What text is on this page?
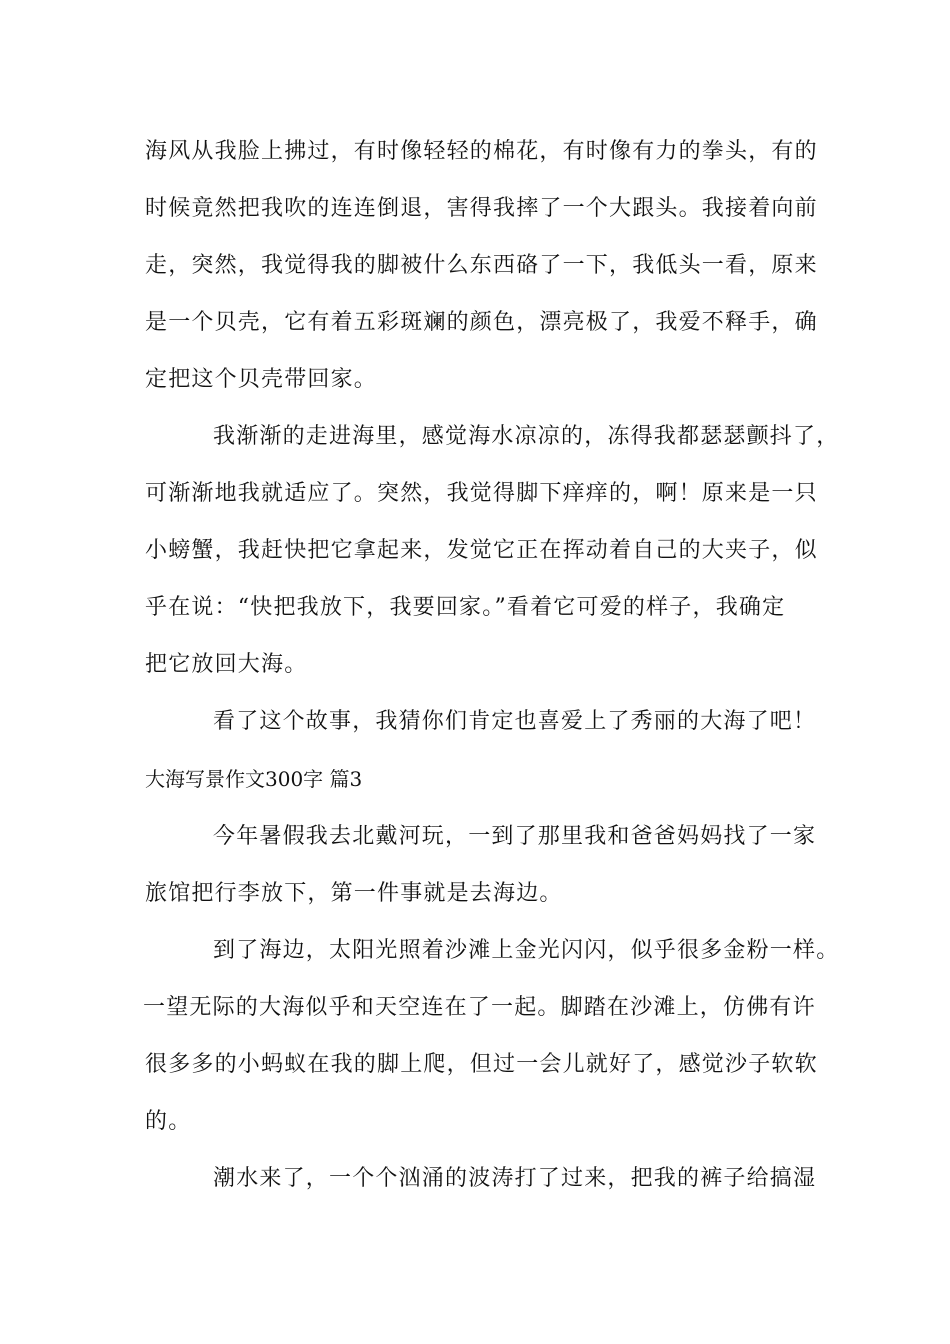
海风从我脸上拂过，有时像轻轻的棉花，有时像有力的拳头，有的
时候竟然把我吹的连连倒退，害得我摔了一个大跟头。我接着向前
走，突然，我觉得我的脚被什么东西硌了一下，我低头一看，原来
是一个贝壳，它有着五彩斑斓的颜色，漂亮极了，我爱不释手，确
定把这个贝壳带回家。
我渐渐的走进海里，感觉海水凉凉的，冻得我都瑟瑟颤抖了，
可渐渐地我就适应了。突然，我觉得脚下痒痒的，啊！原来是一只
小螃蟹，我赶快把它拿起来，发觉它正在挥动着自己的大夹子，似
乎在说：“快把我放下，我要回家。”看着它可爱的样子，我确定
把它放回大海。
看了这个故事，我猜你们肯定也喜爱上了秀丽的大海了吧！
大海写景作文300字 篇3
今年暑假我去北戴河玩，一到了那里我和爸爸妈妈找了一家
旅馆把行李放下，第一件事就是去海边。
到了海边，太阳光照着沙滩上金光闪闪，似乎很多金粉一样。
一望无际的大海似乎和天空连在了一起。脚踏在沙滩上，仿佛有许
很多多的小蚂蚁在我的脚上爬，但过一会儿就好了，感觉沙子软软
的。
潮水来了，一个个汹涌的波涛打了过来，把我的裤子给搞湿
